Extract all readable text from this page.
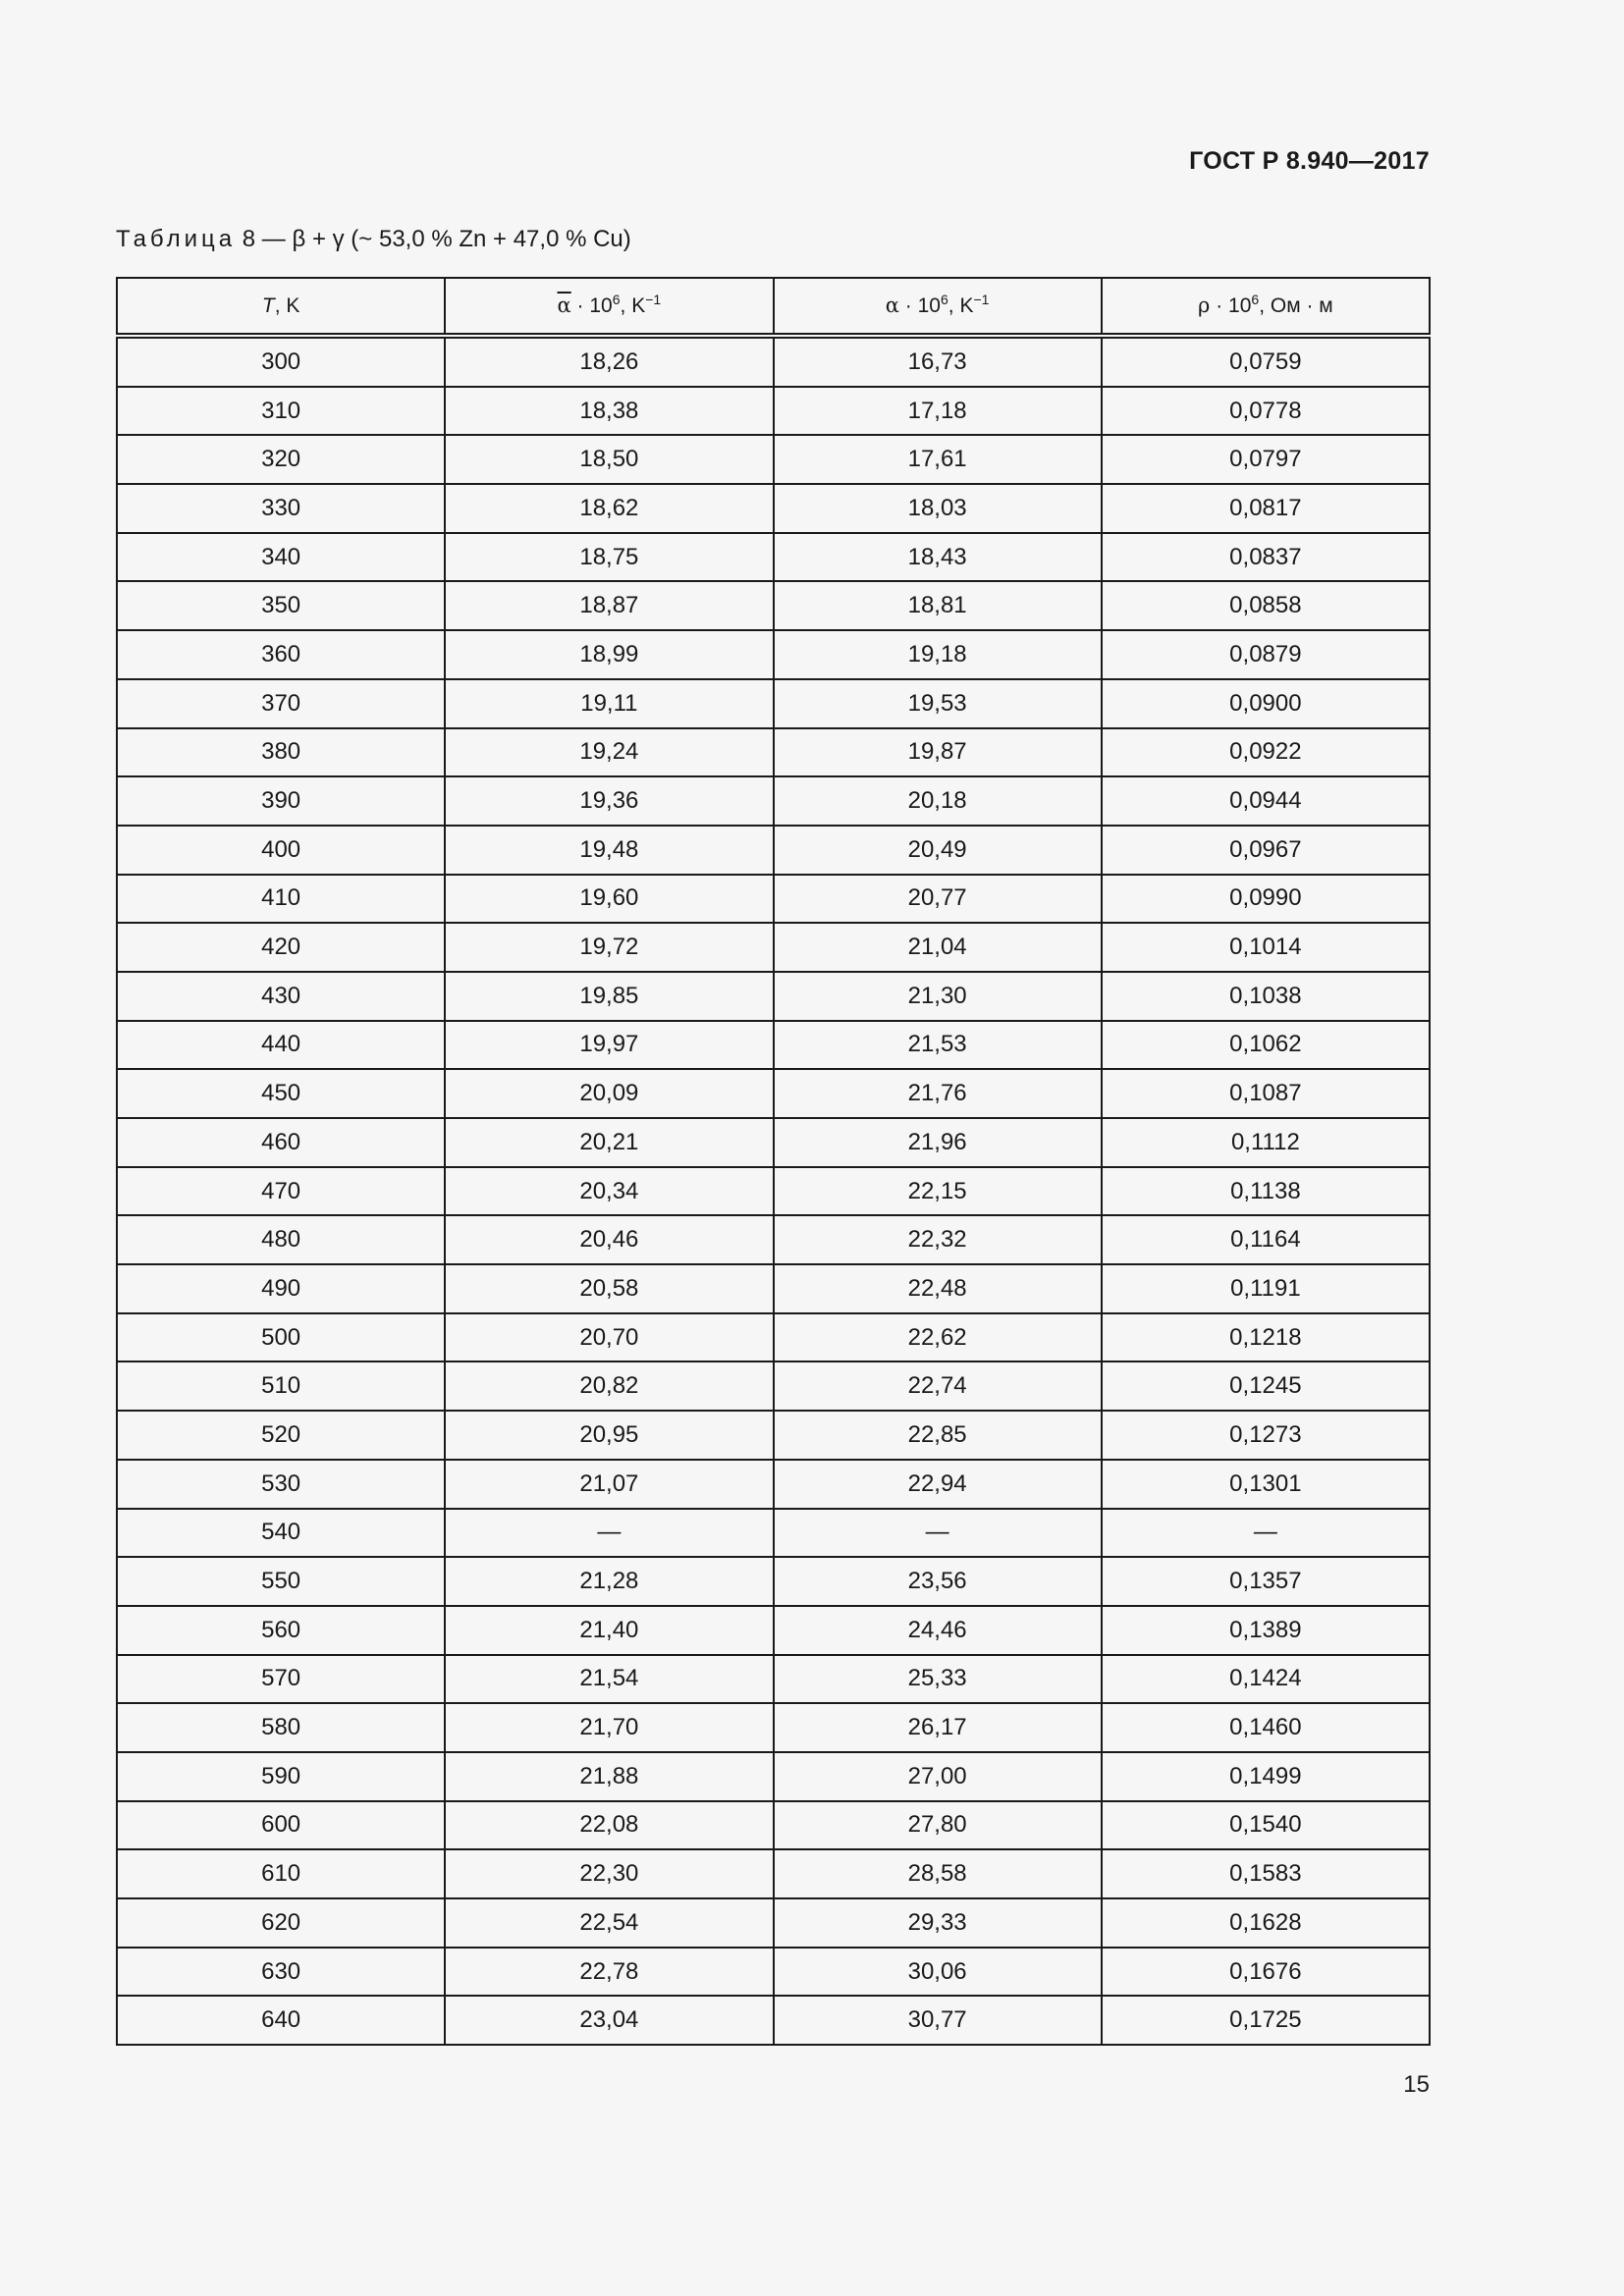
ГОСТ Р 8.940—2017
Таблица 8 — β + γ (~ 53,0 % Zn + 47,0 % Cu)
T, K	$\overline{\alpha} \cdot 10^6$, $K^{-1}$	$\alpha \cdot 10^6$, $K^{-1}$	$\rho \cdot 10^6$, Ом · м
300	18,26	16,73	0,0759
310	18,38	17,18	0,0778
320	18,50	17,61	0,0797
330	18,62	18,03	0,0817
340	18,75	18,43	0,0837
350	18,87	18,81	0,0858
360	18,99	19,18	0,0879
370	19,11	19,53	0,0900
380	19,24	19,87	0,0922
390	19,36	20,18	0,0944
400	19,48	20,49	0,0967
410	19,60	20,77	0,0990
420	19,72	21,04	0,1014
430	19,85	21,30	0,1038
440	19,97	21,53	0,1062
450	20,09	21,76	0,1087
460	20,21	21,96	0,1112
470	20,34	22,15	0,1138
480	20,46	22,32	0,1164
490	20,58	22,48	0,1191
500	20,70	22,62	0,1218
510	20,82	22,74	0,1245
520	20,95	22,85	0,1273
530	21,07	22,94	0,1301
540	—	—	—
550	21,28	23,56	0,1357
560	21,40	24,46	0,1389
570	21,54	25,33	0,1424
580	21,70	26,17	0,1460
590	21,88	27,00	0,1499
600	22,08	27,80	0,1540
610	22,30	28,58	0,1583
620	22,54	29,33	0,1628
630	22,78	30,06	0,1676
640	23,04	30,77	0,1725
15
